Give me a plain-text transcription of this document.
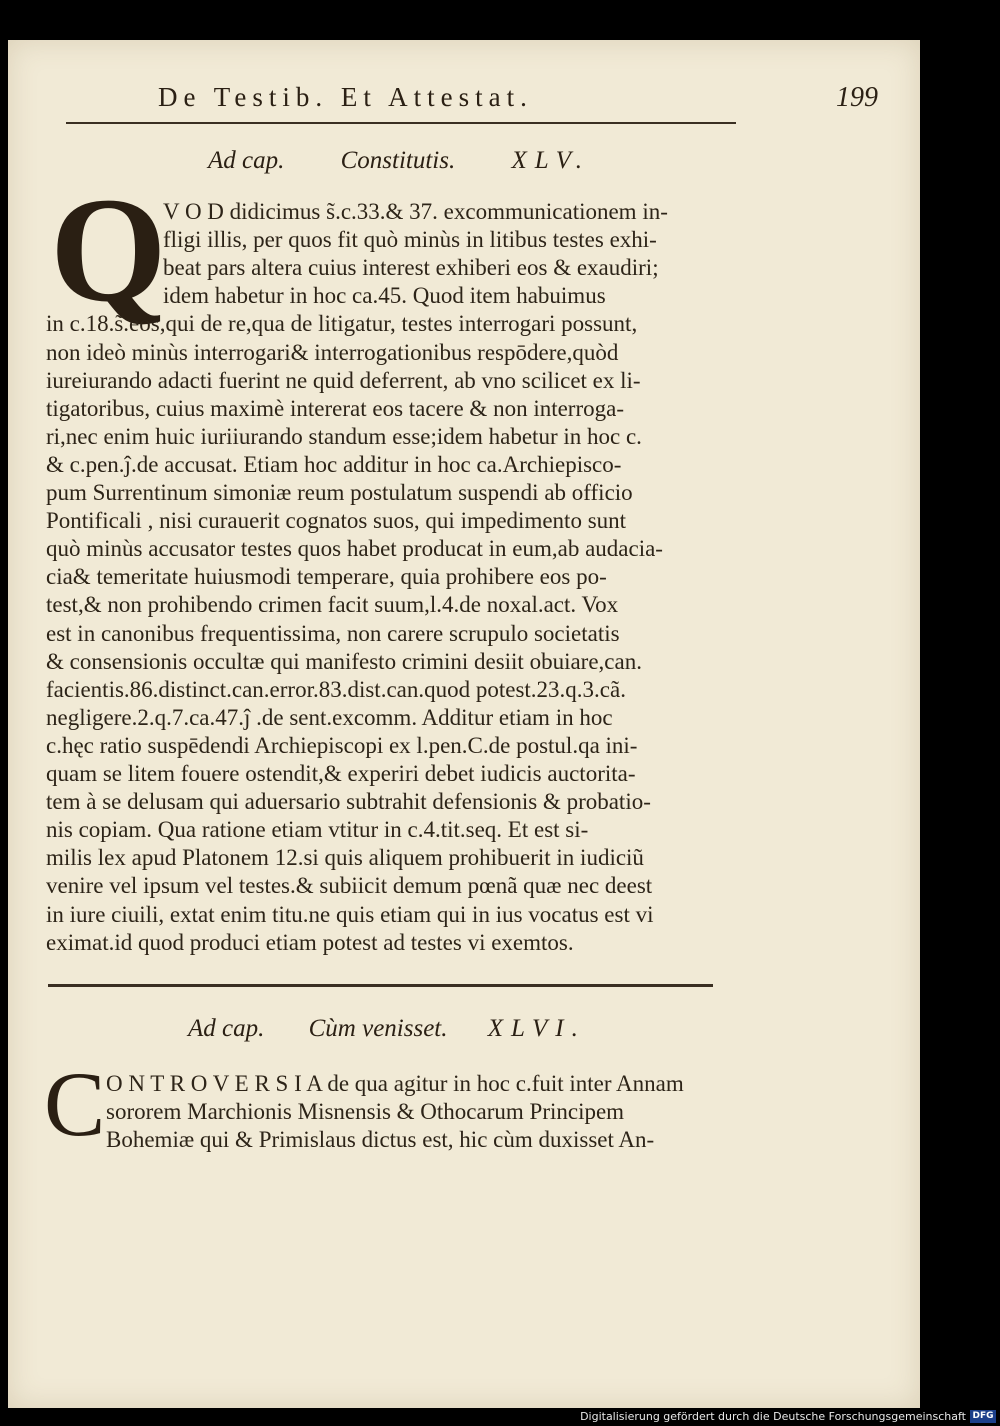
De Testib. Et Attestat.	199
Ad cap. Constitutis. XLV.
Q
V O D didicimus s̃.c.33.& 37. excommunicationem in-
fligi illis, per quos fit quò minùs in litibus testes exhi-
beat pars altera cuius interest exhiberi eos & exaudiri;
idem habetur in hoc ca.45. Quod item habuimus
in c.18.s̃.eos,qui de re,qua de litigatur, testes interrogari possunt,
non ideò minùs interrogari& interrogationibus respōdere,quòd
iureiurando adacti fuerint ne quid deferrent, ab vno scilicet ex li-
tigatoribus, cuius maximè intererat eos tacere & non interroga-
ri,nec enim huic iuriiurando standum esse;idem habetur in hoc c.
& c.pen.ĵ.de accusat. Etiam hoc additur in hoc ca.Archiepisco-
pum Surrentinum simoniæ reum postulatum suspendi ab officio
Pontificali , nisi curauerit cognatos suos, qui impedimento sunt
quò minùs accusator testes quos habet producat in eum,ab audacia-
cia& temeritate huiusmodi temperare, quia prohibere eos po-
test,& non prohibendo crimen facit suum,l.4.de noxal.act. Vox
est in canonibus frequentissima, non carere scrupulo societatis
& consensionis occultæ qui manifesto crimini desiit obuiare,can.
facientis.86.distinct.can.error.83.dist.can.quod potest.23.q.3.cã.
negligere.2.q.7.ca.47.ĵ .de sent.excomm. Additur etiam in hoc
c.hęc ratio suspēdendi Archiepiscopi ex l.pen.C.de postul.qa ini-
quam se litem fouere ostendit,& experiri debet iudicis auctorita-
tem à se delusam qui aduersario subtrahit defensionis & probatio-
nis copiam. Qua ratione etiam vtitur in c.4.tit.seq. Et est si-
milis lex apud Platonem 12.si quis aliquem prohibuerit in iudiciũ
venire vel ipsum vel testes.& subiicit demum pœnã quæ nec deest
in iure ciuili, extat enim titu.ne quis etiam qui in ius vocatus est vi
eximat.id quod produci etiam potest ad testes vi exemtos.
Ad cap. Cùm venisset. XLVI.
C O N T R O V E R S I A de qua agitur in hoc c.fuit inter Annam
sororem Marchionis Misnensis & Othocarum Principem
Bohemiæ qui & Primislaus dictus est, hic cùm duxisset An-
Digitalisierung gefördert durch die Deutsche Forschungsgemeinschaft DFG
